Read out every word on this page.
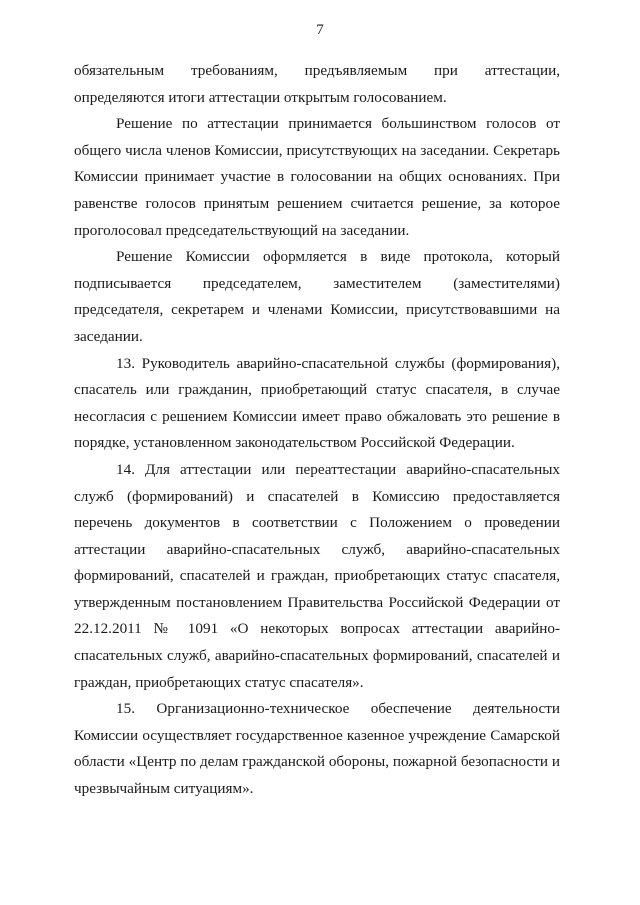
7

обязательным требованиям, предъявляемым при аттестации, определяются итоги аттестации открытым голосованием.

Решение по аттестации принимается большинством голосов от общего числа членов Комиссии, присутствующих на заседании. Секретарь Комиссии принимает участие в голосовании на общих основаниях. При равенстве голосов принятым решением считается решение, за которое проголосовал председательствующий на заседании.

Решение Комиссии оформляется в виде протокола, который подписывается председателем, заместителем (заместителями) председателя, секретарем и членами Комиссии, присутствовавшими на заседании.

13. Руководитель аварийно-спасательной службы (формирования), спасатель или гражданин, приобретающий статус спасателя, в случае несогласия с решением Комиссии имеет право обжаловать это решение в порядке, установленном законодательством Российской Федерации.

14. Для аттестации или переаттестации аварийно-спасательных служб (формирований) и спасателей в Комиссию предоставляется перечень документов в соответствии с Положением о проведении аттестации аварийно-спасательных служб, аварийно-спасательных формирований, спасателей и граждан, приобретающих статус спасателя, утвержденным постановлением Правительства Российской Федерации от 22.12.2011 № 1091 «О некоторых вопросах аттестации аварийно-спасательных служб, аварийно-спасательных формирований, спасателей и граждан, приобретающих статус спасателя».

15. Организационно-техническое обеспечение деятельности Комиссии осуществляет государственное казенное учреждение Самарской области «Центр по делам гражданской обороны, пожарной безопасности и чрезвычайным ситуациям».
